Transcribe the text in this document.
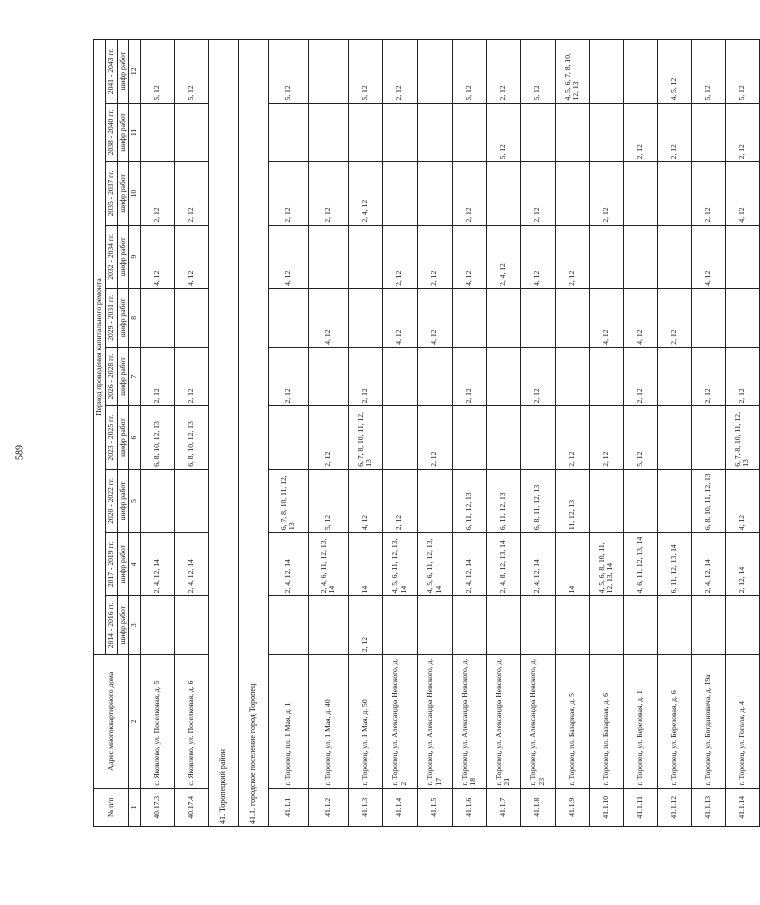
589
№ п/п	Адрес многоквартирного дома	Период проведения капитального ремонта									
		2014 - 2016 гг.	2017 - 2019 гг.	2020 - 2022 гг.	2023 - 2025 гг.	2026 - 2028 гг.	2029 - 2031 гг.	2032 - 2034 гг.	2035 - 2037 гг.	2038 - 2040 гг.	2041 - 2043 гг.
		шифр работ	шифр работ	шифр работ	шифр работ	шифр работ	шифр работ	шифр работ	шифр работ	шифр работ	шифр работ
1	2	3	4	5	6	7	8	9	10	11	12
40.17.3	с. Яковлево, ул. Поселковая, д. 5		2, 4, 12, 14		6, 8, 10, 12, 13	2, 12		4, 12	2, 12		5, 12
40.17.4	с. Яковлево, ул. Поселковая, д. 6		2, 4, 12, 14		6, 8, 10, 12, 13	2, 12		4, 12	2, 12		5, 12
41. Торопецкий район											
41.1. городское поселение город Торопец											
41.1.1	г. Торопец, пл. 1 Мая, д. 1		2, 4, 12, 14	6, 7, 8, 10, 11, 12, 13		2, 12		4, 12	2, 12		5, 12
41.1.2	г. Торопец, ул. 1 Мая, д. 40		2, 4, 6, 11, 12, 13, 14	5, 12	2, 12		4, 12		2, 12		
41.1.3	г. Торопец, ул. 1 Мая, д. 50	2, 12	14	4, 12	6, 7, 8, 10, 11, 12, 13	2, 12			2, 4, 12		5, 12
41.1.4	г. Торопец, ул. Александра Невского, д. 2		4, 5, 6, 11, 12, 13, 14	2, 12			4, 12	2, 12			2, 12
41.1.5	г. Торопец, ул. Александра Невского, д. 17		4, 5, 6, 11, 12, 13, 14		2, 12		4, 12	2, 12			
41.1.6	г. Торопец, ул. Александра Невского, д. 18		2, 4, 12, 14	6, 11, 12, 13		2, 12		4, 12	2, 12		5, 12
41.1.7	г. Торопец, ул. Александра Невского, д. 21		2, 4, 8, 12, 13, 14	6, 11, 12, 13				2, 4, 12		5, 12	2, 12
41.1.8	г. Торопец, ул. Александра Невского, д. 23		2, 4, 12, 14	6, 8, 11, 12, 13		2, 12		4, 12	2, 12		5, 12
41.1.9	г. Торопец, пл. Базарная, д. 5		14	11, 12, 13	2, 12			2, 12			4, 5, 6, 7, 8, 10, 12, 13
41.1.10	г. Торопец, пл. Базарная, д. 6		4, 5, 6, 8, 10, 11, 12, 13, 14		2, 12		4, 12		2, 12		
41.1.11	г. Торопец, ул. Березовая, д. 1		4, 6, 11, 12, 13, 14		5, 12	2, 12	4, 12			2, 12	
41.1.12	г. Торопец, ул. Березовая, д. 6		6, 11, 12, 13, 14				2, 12			2, 12	4, 5, 12
41.1.13	г. Торопец, ул. Богдановича, д. 19а		2, 4, 12, 14	6, 8, 10, 11, 12, 13		2, 12		4, 12	2, 12		5, 12
41.1.14	г. Торопец, ул. Гоголя, д. 4		2, 12, 14	4, 12	6, 7, 8, 10, 11, 12, 13	2, 12			4, 12	2, 12	5, 12
